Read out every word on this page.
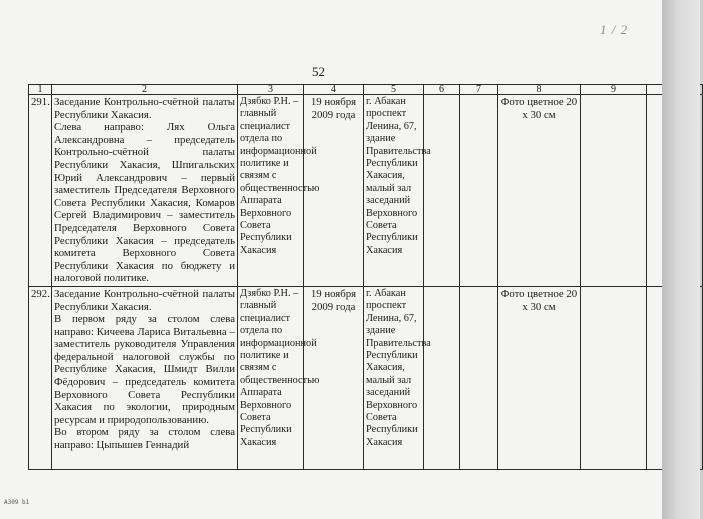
1 / 2
52
1	2	3	4	5	6	7	8	9	
291.	Заседание Контрольно-счётной палаты Республики Хакасия.

Слева направо: Лях Ольга Александровна – председатель Контрольно-счётной палаты Республики Хакасия, Шпигальских Юрий Александрович – первый заместитель Председателя Верховного Совета Республики Хакасия, Комаров Сергей Владимирович – заместитель Председателя Верховного Совета Республики Хакасия – председатель комитета Верховного Совета Республики Хакасия по бюджету и налоговой политике.	Дзябко Р.Н. – главный специалист отдела по информационной политике и связям с общественностью Аппарата Верховного Совета Республики Хакасия	19 ноября 2009 года	г. Абакан проспект Ленина, 67, здание Правительства Республики Хакасия, малый зал заседаний Верховного Совета Республики Хакасия			Фото цветное 20 х 30 см		
292.	Заседание Контрольно-счётной палаты Республики Хакасия.

В первом ряду за столом слева направо: Кичеева Лариса Витальевна – заместитель руководителя Управления федеральной налоговой службы по Республике Хакасия, Шмидт Вилли Фёдорович – председатель комитета Верховного Совета Республики Хакасия по экологии, природным ресурсам и природопользованию.

Во втором ряду за столом слева направо: Цыпышев Геннадий	Дзябко Р.Н. – главный специалист отдела по информационной политике и связям с общественностью Аппарата Верховного Совета Республики Хакасия	19 ноября 2009 года	г. Абакан проспект Ленина, 67, здание Правительства Республики Хакасия, малый зал заседаний Верховного Совета Республики Хакасия			Фото цветное 20 х 30 см		
А309 b1
